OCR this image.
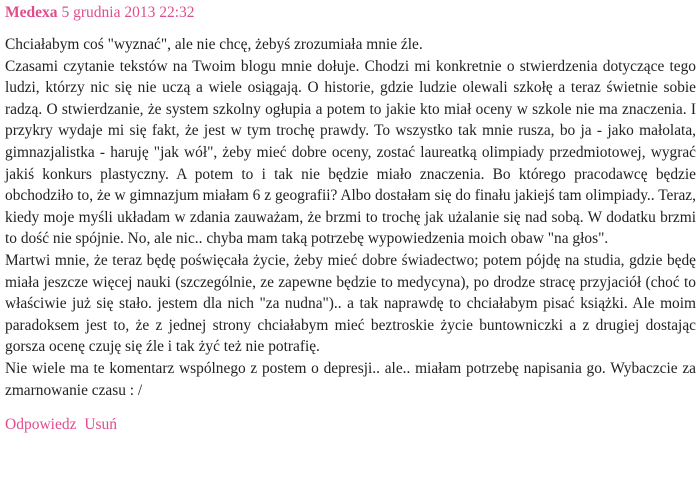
Medexa 5 grudnia 2013 22:32

Chciałabym coś "wyznać", ale nie chcę, żebyś zrozumiała mnie źle.

Czasami czytanie tekstów na Twoim blogu mnie dołuje. Chodzi mi konkretnie o stwierdzenia dotyczące tego ludzi, którzy nic się nie uczą a wiele osiągają. O historie, gdzie ludzie olewali szkołę a teraz świetnie sobie radzą. O stwierdzanie, że system szkolny ogłupia a potem to jakie kto miał oceny w szkole nie ma znaczenia. I przykry wydaje mi się fakt, że jest w tym trochę prawdy. To wszystko tak mnie rusza, bo ja - jako małolata, gimnazjalistka - haruję "jak wół", żeby mieć dobre oceny, zostać laureatką olimpiady przedmiotowej, wygrać jakiś konkurs plastyczny. A potem to i tak nie będzie miało znaczenia. Bo którego pracodawcę będzie obchodziło to, że w gimnazjum miałam 6 z geografii? Albo dostałam się do finału jakiejś tam olimpiady.. Teraz, kiedy moje myśli układam w zdania zauważam, że brzmi to trochę jak użalanie się nad sobą. W dodatku brzmi to dość nie spójnie. No, ale nic.. chyba mam taką potrzebę wypowiedzenia moich obaw "na głos".

Martwi mnie, że teraz będę poświęcała życie, żeby mieć dobre świadectwo; potem pójdę na studia, gdzie będę miała jeszcze więcej nauki (szczególnie, ze zapewne będzie to medycyna), po drodze stracę przyjaciół (choć to właściwie już się stało. jestem dla nich "za nudna").. a tak naprawdę to chciałabym pisać książki. Ale moim paradoksem jest to, że z jednej strony chciałabym mieć beztroskie życie buntowniczki a z drugiej dostając gorsza ocenę czuję się źle i tak żyć też nie potrafię.

Nie wiele ma te komentarz wspólnego z postem o depresji.. ale.. miałam potrzebę napisania go. Wybaczcie za zmarnowanie czasu : /

Odpowiedz Usuń
